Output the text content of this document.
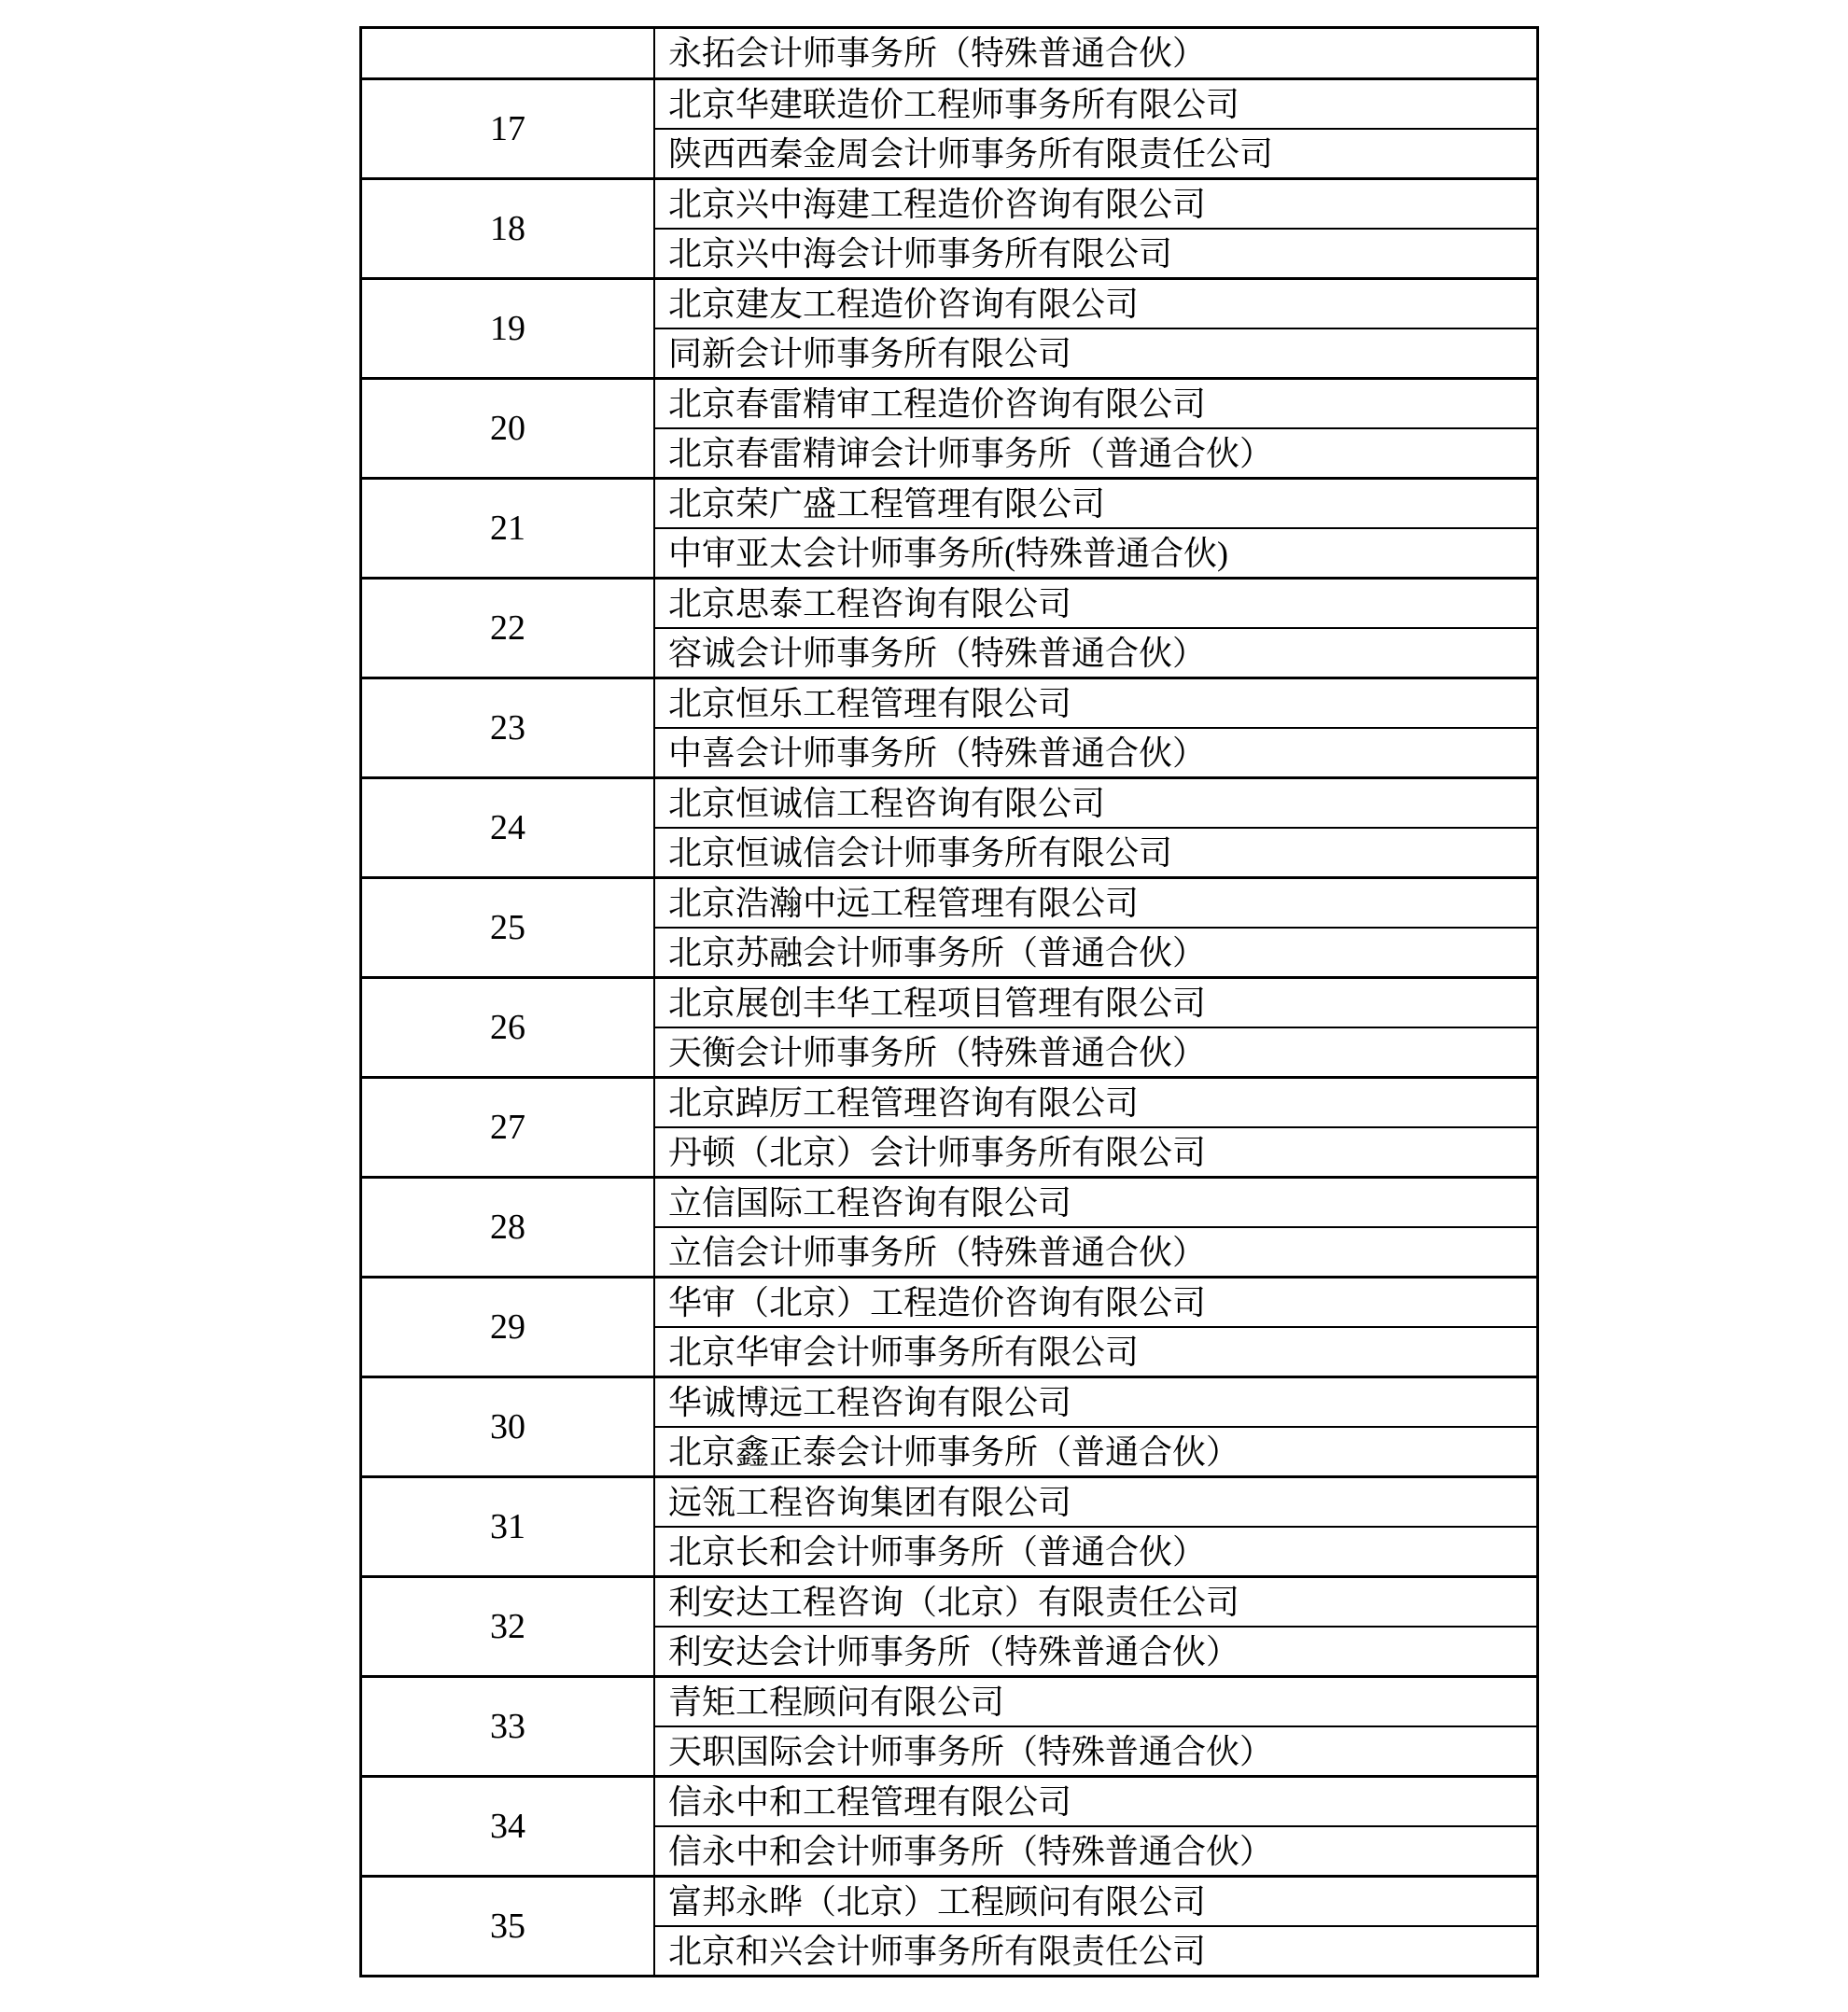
永拓会计师事务所（特殊普通合伙）
17
北京华建联造价工程师事务所有限公司
陕西西秦金周会计师事务所有限责任公司
18
北京兴中海建工程造价咨询有限公司
北京兴中海会计师事务所有限公司
19
北京建友工程造价咨询有限公司
同新会计师事务所有限公司
20
北京春雷精审工程造价咨询有限公司
北京春雷精谉会计师事务所（普通合伙）
21
北京荣广盛工程管理有限公司
中审亚太会计师事务所(特殊普通合伙)
22
北京思泰工程咨询有限公司
容诚会计师事务所（特殊普通合伙）
23
北京恒乐工程管理有限公司
中喜会计师事务所（特殊普通合伙）
24
北京恒诚信工程咨询有限公司
北京恒诚信会计师事务所有限公司
25
北京浩瀚中远工程管理有限公司
北京苏融会计师事务所（普通合伙）
26
北京展创丰华工程项目管理有限公司
天衡会计师事务所（特殊普通合伙）
27
北京踔厉工程管理咨询有限公司
丹顿（北京）会计师事务所有限公司
28
立信国际工程咨询有限公司
立信会计师事务所（特殊普通合伙）
29
华审（北京）工程造价咨询有限公司
北京华审会计师事务所有限公司
30
华诚博远工程咨询有限公司
北京鑫正泰会计师事务所（普通合伙）
31
远瓴工程咨询集团有限公司
北京长和会计师事务所（普通合伙）
32
利安达工程咨询（北京）有限责任公司
利安达会计师事务所（特殊普通合伙）
33
青矩工程顾问有限公司
天职国际会计师事务所（特殊普通合伙）
34
信永中和工程管理有限公司
信永中和会计师事务所（特殊普通合伙）
35
富邦永晔（北京）工程顾问有限公司
北京和兴会计师事务所有限责任公司
